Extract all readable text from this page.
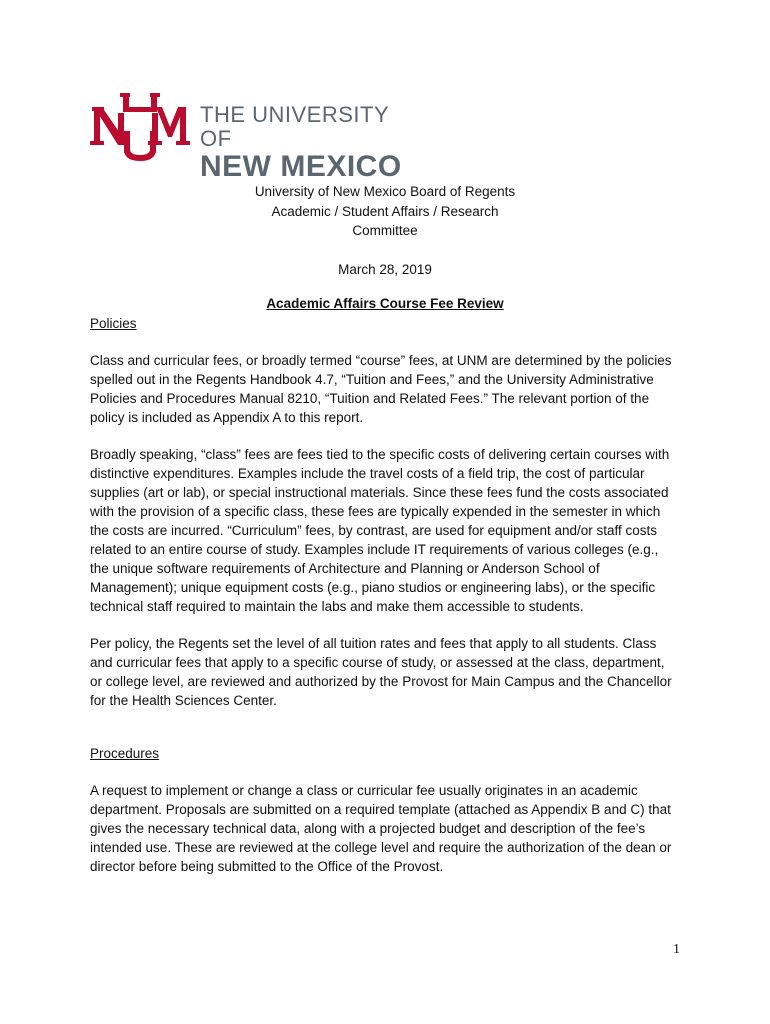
THE UNIVERSITY OF
NEW MEXICO
University of New Mexico Board of Regents
Academic / Student Affairs / Research
Committee
March 28, 2019
Academic Affairs Course Fee Review
Policies

Class and curricular fees, or broadly termed “course” fees, at UNM are determined by the policies spelled out in the Regents Handbook 4.7, “Tuition and Fees,” and the University Administrative Policies and Procedures Manual 8210, “Tuition and Related Fees.” The relevant portion of the policy is included as Appendix A to this report.

Broadly speaking, “class” fees are fees tied to the specific costs of delivering certain courses with distinctive expenditures. Examples include the travel costs of a field trip, the cost of particular supplies (art or lab), or special instructional materials. Since these fees fund the costs associated with the provision of a specific class, these fees are typically expended in the semester in which the costs are incurred. “Curriculum” fees, by contrast, are used for equipment and/or staff costs related to an entire course of study. Examples include IT requirements of various colleges (e.g., the unique software requirements of Architecture and Planning or Anderson School of Management); unique equipment costs (e.g., piano studios or engineering labs), or the specific technical staff required to maintain the labs and make them accessible to students.

Per policy, the Regents set the level of all tuition rates and fees that apply to all students. Class and curricular fees that apply to a specific course of study, or assessed at the class, department, or college level, are reviewed and authorized by the Provost for Main Campus and the Chancellor for the Health Sciences Center.

Procedures

A request to implement or change a class or curricular fee usually originates in an academic department. Proposals are submitted on a required template (attached as Appendix B and C) that gives the necessary technical data, along with a projected budget and description of the fee’s intended use. These are reviewed at the college level and require the authorization of the dean or director before being submitted to the Office of the Provost.

1
